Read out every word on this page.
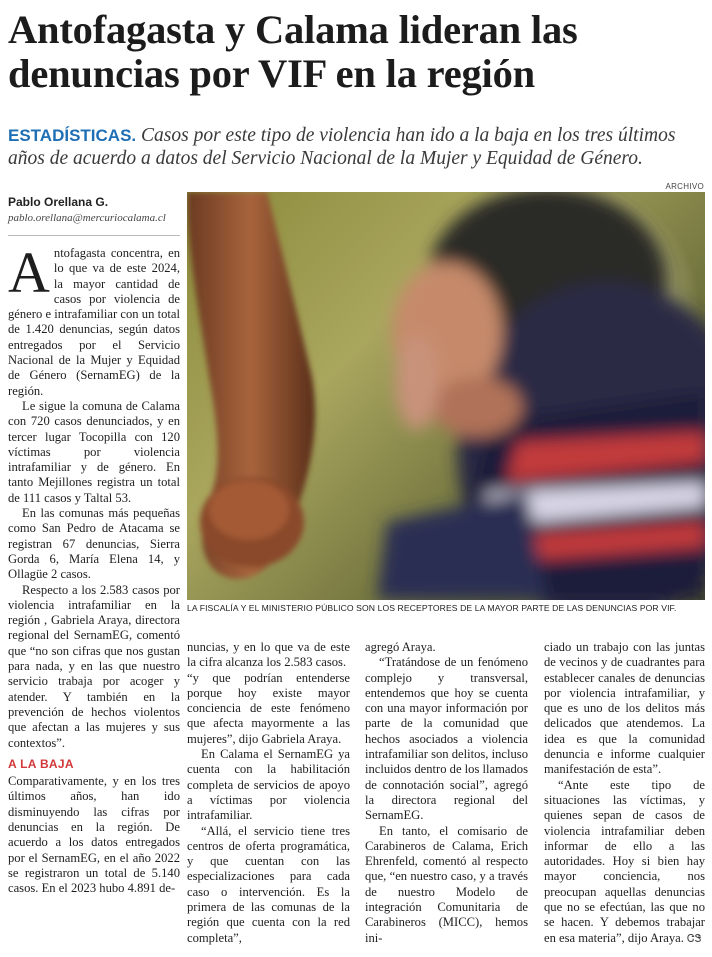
Antofagasta y Calama lideran las denuncias por VIF en la región

ESTADÍSTICAS. Casos por este tipo de violencia han ido a la baja en los tres últimos años de acuerdo a datos del Servicio Nacional de la Mujer y Equidad de Género.

Pablo Orellana G.
pablo.orellana@mercuriocalama.cl
ARCHIVO
LA FISCALÍA Y EL MINISTERIO PÚBLICO SON LOS RECEPTORES DE LA MAYOR PARTE DE LAS DENUNCIAS POR VIF.

Antofagasta concentra, en lo que va de este 2024, la mayor cantidad de casos por violencia de género e intrafamiliar con un total de 1.420 denuncias, según datos entregados por el Servicio Nacional de la Mujer y Equidad de Género (SernamEG) de la región.

Le sigue la comuna de Calama con 720 casos denunciados, y en tercer lugar Tocopilla con 120 víctimas por violencia intrafamiliar y de género. En tanto Mejillones registra un total de 111 casos y Taltal 53.

En las comunas más pequeñas como San Pedro de Atacama se registran 67 denuncias, Sierra Gorda 6, María Elena 14, y Ollagüe 2 casos.

Respecto a los 2.583 casos por violencia intrafamiliar en la región , Gabriela Araya, directora regional del SernamEG, comentó que “no son cifras que nos gustan para nada, y en las que nuestro servicio trabaja por acoger y atender. Y también en la prevención de hechos violentos que afectan a las mujeres y sus contextos”.

A LA BAJA

Comparativamente, y en los tres últimos años, han ido disminuyendo las cifras por denuncias en la región. De acuerdo a los datos entregados por el SernamEG, en el año 2022 se registraron un total de 5.140 casos. En el 2023 hubo 4.891 de-

nuncias, y en lo que va de este la cifra alcanza los 2.583 casos.

“y que podrían entenderse porque hoy existe mayor conciencia de este fenómeno que afecta mayormente a las mujeres”, dijo Gabriela Araya.

En Calama el SernamEG ya cuenta con la habilitación completa de servicios de apoyo a víctimas por violencia intrafamiliar.

“Allá, el servicio tiene tres centros de oferta programática, y que cuentan con las especializaciones para cada caso o intervención. Es la primera de las comunas de la región que cuenta con la red completa”,

agregó Araya.

“Tratándose de un fenómeno complejo y transversal, entendemos que hoy se cuenta con una mayor información por parte de la comunidad que hechos asociados a violencia intrafamiliar son delitos, incluso incluidos dentro de los llamados de connotación social”, agregó la directora regional del SernamEG.

En tanto, el comisario de Carabineros de Calama, Erich Ehrenfeld, comentó al respecto que, “en nuestro caso, y a través de nuestro Modelo de integración Comunitaria de Carabineros (MICC), hemos ini-

ciado un trabajo con las juntas de vecinos y de cuadrantes para establecer canales de denuncias por violencia intrafamiliar, y que es uno de los delitos más delicados que atendemos. La idea es que la comunidad denuncia e informe cualquier manifestación de esta”.

“Ante este tipo de situaciones las víctimas, y quienes sepan de casos de violencia intrafamiliar deben informar de ello a las autoridades. Hoy si bien hay mayor conciencia, nos preocupan aquellas denuncias que no se efectúan, las que no se hacen. Y debemos trabajar en esa materia”, dijo Araya. ᏣᏕ
